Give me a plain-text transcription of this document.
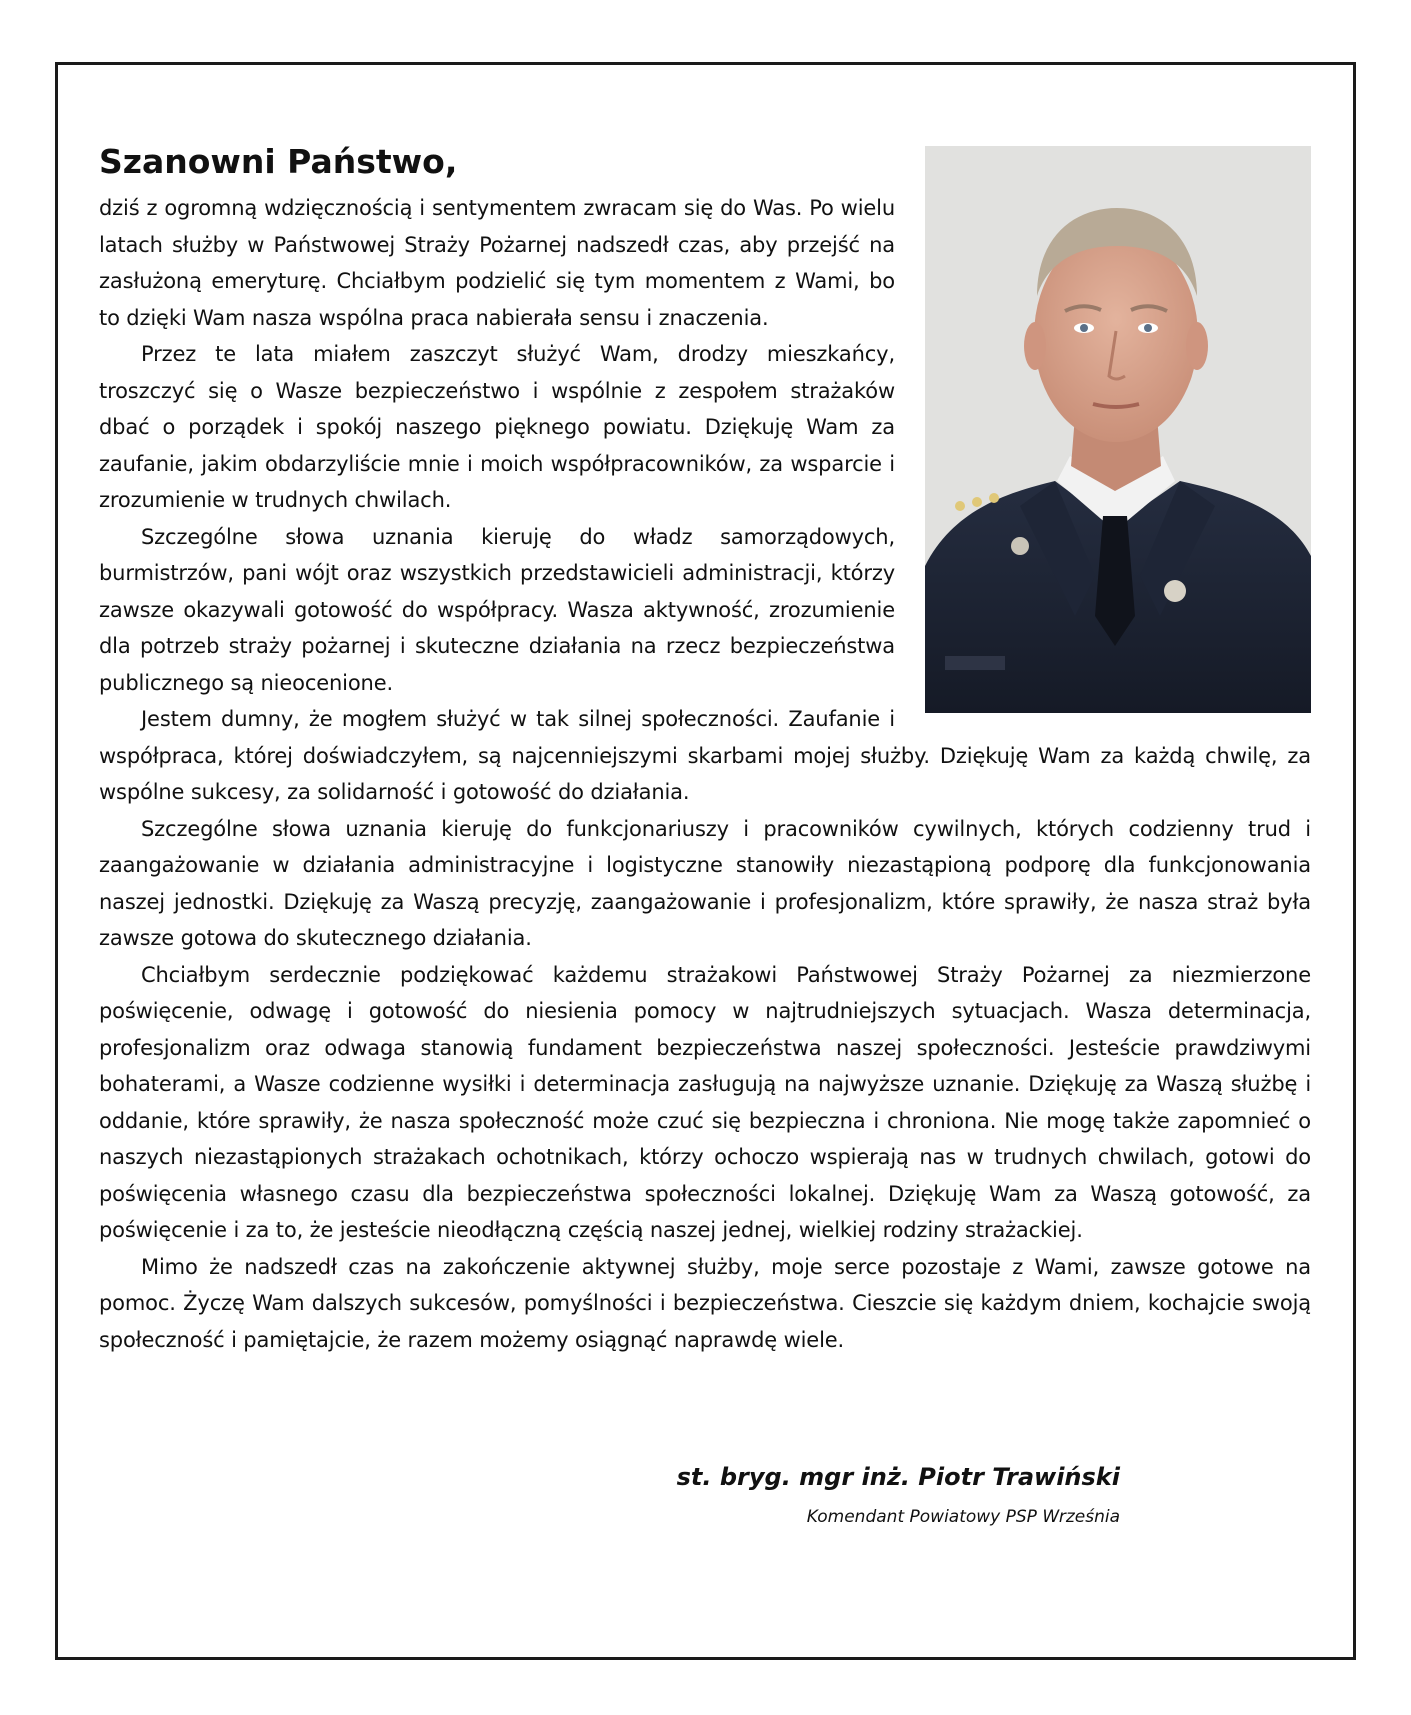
Szanowni Państwo,

dziś z ogromną wdzięcznością i sentymentem zwracam się do Was. Po wielu latach służby w Państwowej Straży Pożarnej nadszedł czas, aby przejść na zasłużoną emeryturę. Chciałbym podzielić się tym momentem z Wami, bo to dzięki Wam nasza wspólna praca nabierała sensu i znaczenia.

Przez te lata miałem zaszczyt służyć Wam, drodzy mieszkańcy, troszczyć się o Wasze bezpieczeństwo i wspólnie z zespołem strażaków dbać o porządek i spokój naszego pięknego powiatu. Dziękuję Wam za zaufanie, jakim obdarzyliście mnie i moich współpracowników, za wsparcie i zrozumienie w trudnych chwilach.

Szczególne słowa uznania kieruję do władz samorządowych, burmistrzów, pani wójt oraz wszystkich przedstawicieli administracji, którzy zawsze okazywali gotowość do współpracy. Wasza aktywność, zrozumienie dla potrzeb straży pożarnej i skuteczne działania na rzecz bezpieczeństwa publicznego są nieocenione.

Jestem dumny, że mogłem służyć w tak silnej społeczności. Zaufanie i współpraca, której doświadczyłem, są najcenniejszymi skarbami mojej służby. Dziękuję Wam za każdą chwilę, za wspólne sukcesy, za solidarność i gotowość do działania.

Szczególne słowa uznania kieruję do funkcjonariuszy i pracowników cywilnych, których codzienny trud i zaangażowanie w działania administracyjne i logistyczne stanowiły niezastąpioną podporę dla funkcjonowania naszej jednostki. Dziękuję za Waszą precyzję, zaangażowanie i profesjonalizm, które sprawiły, że nasza straż była zawsze gotowa do skutecznego działania.

Chciałbym serdecznie podziękować każdemu strażakowi Państwowej Straży Pożarnej za niezmierzone poświęcenie, odwagę i gotowość do niesienia pomocy w najtrudniejszych sytuacjach. Wasza determinacja, profesjonalizm oraz odwaga stanowią fundament bezpieczeństwa naszej społeczności. Jesteście prawdziwymi bohaterami, a Wasze codzienne wysiłki i determinacja zasługują na najwyższe uznanie. Dziękuję za Waszą służbę i oddanie, które sprawiły, że nasza społeczność może czuć się bezpieczna i chroniona. Nie mogę także zapomnieć o naszych niezastąpionych strażakach ochotnikach, którzy ochoczo wspierają nas w trudnych chwilach, gotowi do poświęcenia własnego czasu dla bezpieczeństwa społeczności lokalnej. Dziękuję Wam za Waszą gotowość, za poświęcenie i za to, że jesteście nieodłączną częścią naszej jednej, wielkiej rodziny strażackiej.

Mimo że nadszedł czas na zakończenie aktywnej służby, moje serce pozostaje z Wami, zawsze gotowe na pomoc. Życzę Wam dalszych sukcesów, pomyślności i bezpieczeństwa. Cieszcie się każdym dniem, kochajcie swoją społeczność i pamiętajcie, że razem możemy osiągnąć naprawdę wiele.

st. bryg. mgr inż. Piotr Trawiński
Komendant Powiatowy PSP Września
